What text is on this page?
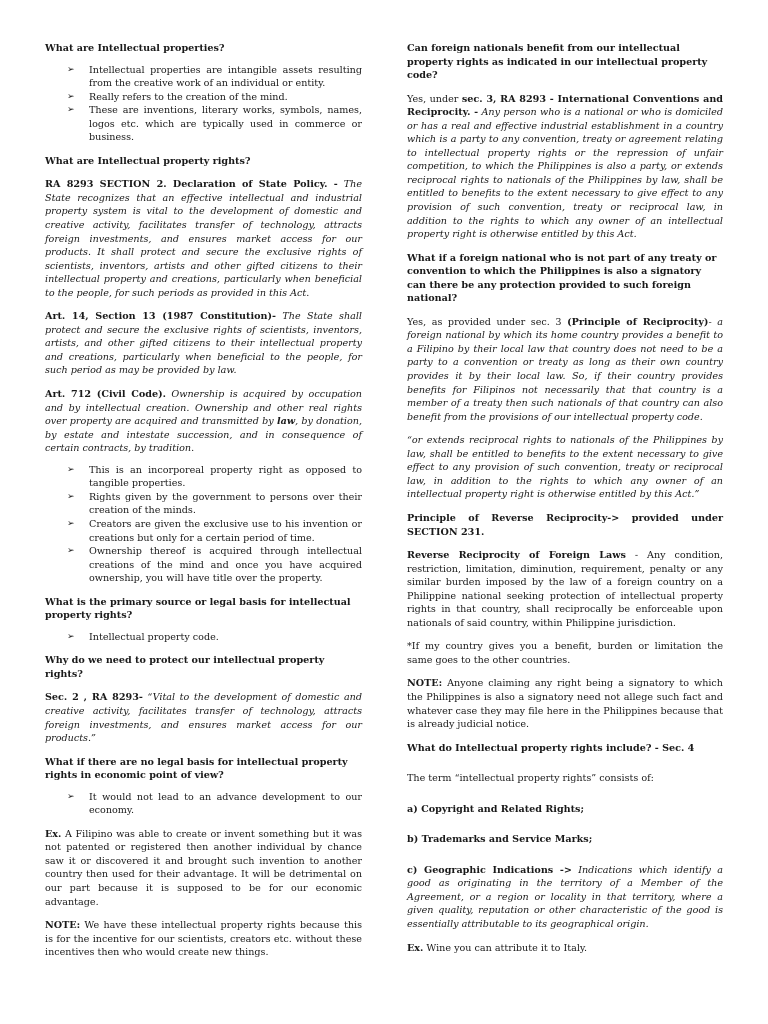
What are Intellectual properties?

➢ Intellectual properties are intangible assets resulting from the creative work of an individual or entity.
➢ Really refers to the creation of the mind.
➢ These are inventions, literary works, symbols, names, logos etc. which are typically used in commerce or business.

What are Intellectual property rights?

RA 8293 SECTION 2. Declaration of State Policy. - The State recognizes that an effective intellectual and industrial property system is vital to the development of domestic and creative activity, facilitates transfer of technology, attracts foreign investments, and ensures market access for our products. It shall protect and secure the exclusive rights of scientists, inventors, artists and other gifted citizens to their intellectual property and creations, particularly when beneficial to the people, for such periods as provided in this Act.

Art. 14, Section 13 (1987 Constitution)- The State shall protect and secure the exclusive rights of scientists, inventors, artists, and other gifted citizens to their intellectual property and creations, particularly when beneficial to the people, for such period as may be provided by law.

Art. 712 (Civil Code). Ownership is acquired by occupation and by intellectual creation. Ownership and other real rights over property are acquired and transmitted by law, by donation, by estate and intestate succession, and in consequence of certain contracts, by tradition.

➢ This is an incorporeal property right as opposed to tangible properties.
➢ Rights given by the government to persons over their creation of the minds.
➢ Creators are given the exclusive use to his invention or creations but only for a certain period of time.
➢ Ownership thereof is acquired through intellectual creations of the mind and once you have acquired ownership, you will have title over the property.

What is the primary source or legal basis for intellectual property rights?

➢ Intellectual property code.

Why do we need to protect our intellectual property rights?

Sec. 2 , RA 8293- “Vital to the development of domestic and creative activity, facilitates transfer of technology, attracts foreign investments, and ensures market access for our products.”

What if there are no legal basis for intellectual property rights in economic point of view?

➢ It would not lead to an advance development to our economy.

Ex. A Filipino was able to create or invent something but it was not patented or registered then another individual by chance saw it or discovered it and brought such invention to another country then used for their advantage. It will be detrimental on our part because it is supposed to be for our economic advantage.

NOTE: We have these intellectual property rights because this is for the incentive for our scientists, creators etc. without these incentives then who would create new things.

Can foreign nationals benefit from our intellectual property rights as indicated in our intellectual property code?

Yes, under sec. 3, RA 8293 - International Conventions and Reciprocity. - Any person who is a national or who is domiciled or has a real and effective industrial establishment in a country which is a party to any convention, treaty or agreement relating to intellectual property rights or the repression of unfair competition, to which the Philippines is also a party, or extends reciprocal rights to nationals of the Philippines by law, shall be entitled to benefits to the extent necessary to give effect to any provision of such convention, treaty or reciprocal law, in addition to the rights to which any owner of an intellectual property right is otherwise entitled by this Act.

What if a foreign national who is not part of any treaty or convention to which the Philippines is also a signatory can there be any protection provided to such foreign national?

Yes, as provided under sec. 3 (Principle of Reciprocity)- a foreign national by which its home country provides a benefit to a Filipino by their local law that country does not need to be a party to a convention or treaty as long as their own country provides it by their local law. So, if their country provides benefits for Filipinos not necessarily that that country is a member of a treaty then such nationals of that country can also benefit from the provisions of our intellectual property code.

“or extends reciprocal rights to nationals of the Philippines by law, shall be entitled to benefits to the extent necessary to give effect to any provision of such convention, treaty or reciprocal law, in addition to the rights to which any owner of an intellectual property right is otherwise entitled by this Act.”

Principle of Reverse Reciprocity-> provided under SECTION 231.

Reverse Reciprocity of Foreign Laws - Any condition, restriction, limitation, diminution, requirement, penalty or any similar burden imposed by the law of a foreign country on a Philippine national seeking protection of intellectual property rights in that country, shall reciprocally be enforceable upon nationals of said country, within Philippine jurisdiction.

*If my country gives you a benefit, burden or limitation the same goes to the other countries.

NOTE: Anyone claiming any right being a signatory to which the Philippines is also a signatory need not allege such fact and whatever case they may file here in the Philippines because that is already judicial notice.

What do Intellectual property rights include? - Sec. 4

The term “intellectual property rights” consists of:

a) Copyright and Related Rights;

b) Trademarks and Service Marks;

c) Geographic Indications -> Indications which identify a good as originating in the territory of a Member of the Agreement, or a region or locality in that territory, where a given quality, reputation or other characteristic of the good is essentially attributable to its geographical origin.

Ex. Wine you can attribute it to Italy.
